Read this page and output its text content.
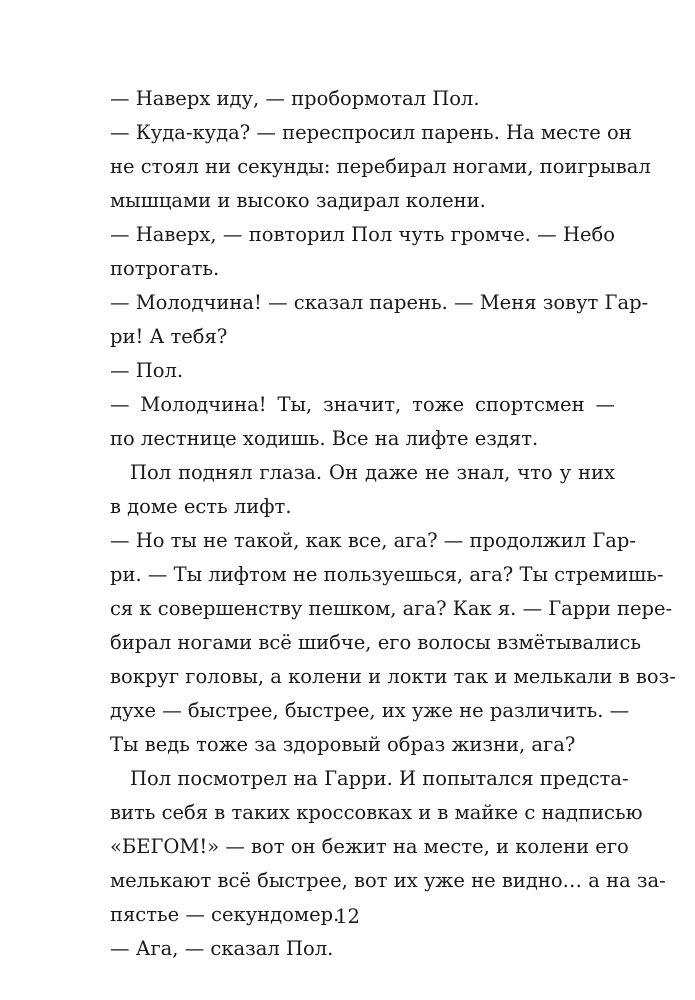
— Наверх иду, — пробормотал Пол.
— Куда-куда? — переспросил парень. На месте он
не стоял ни секунды: перебирал ногами, поигрывал
мышцами и высоко задирал колени.
— Наверх, — повторил Пол чуть громче. — Небо
потрогать.
— Молодчина! — сказал парень. — Меня зовут Гар-
ри! А тебя?
— Пол.
— Молодчина! Ты, значит, тоже спортсмен —
по лестнице ходишь. Все на лифте ездят.
Пол поднял глаза. Он даже не знал, что у них
в доме есть лифт.
— Но ты не такой, как все, ага? — продолжил Гар-
ри. — Ты лифтом не пользуешься, ага? Ты стремишь-
ся к совершенству пешком, ага? Как я. — Гарри пере-
бирал ногами всё шибче, его волосы взмётывались
вокруг головы, а колени и локти так и мелькали в воз-
духе — быстрее, быстрее, их уже не различить. —
Ты ведь тоже за здоровый образ жизни, ага?
Пол посмотрел на Гарри. И попытался предста-
вить себя в таких кроссовках и в майке с надписью
«БЕГОМ!» — вот он бежит на месте, и колени его
мелькают всё быстрее, вот их уже не видно… а на за-
пястье — секундомер.
— Ага, — сказал Пол.
12
